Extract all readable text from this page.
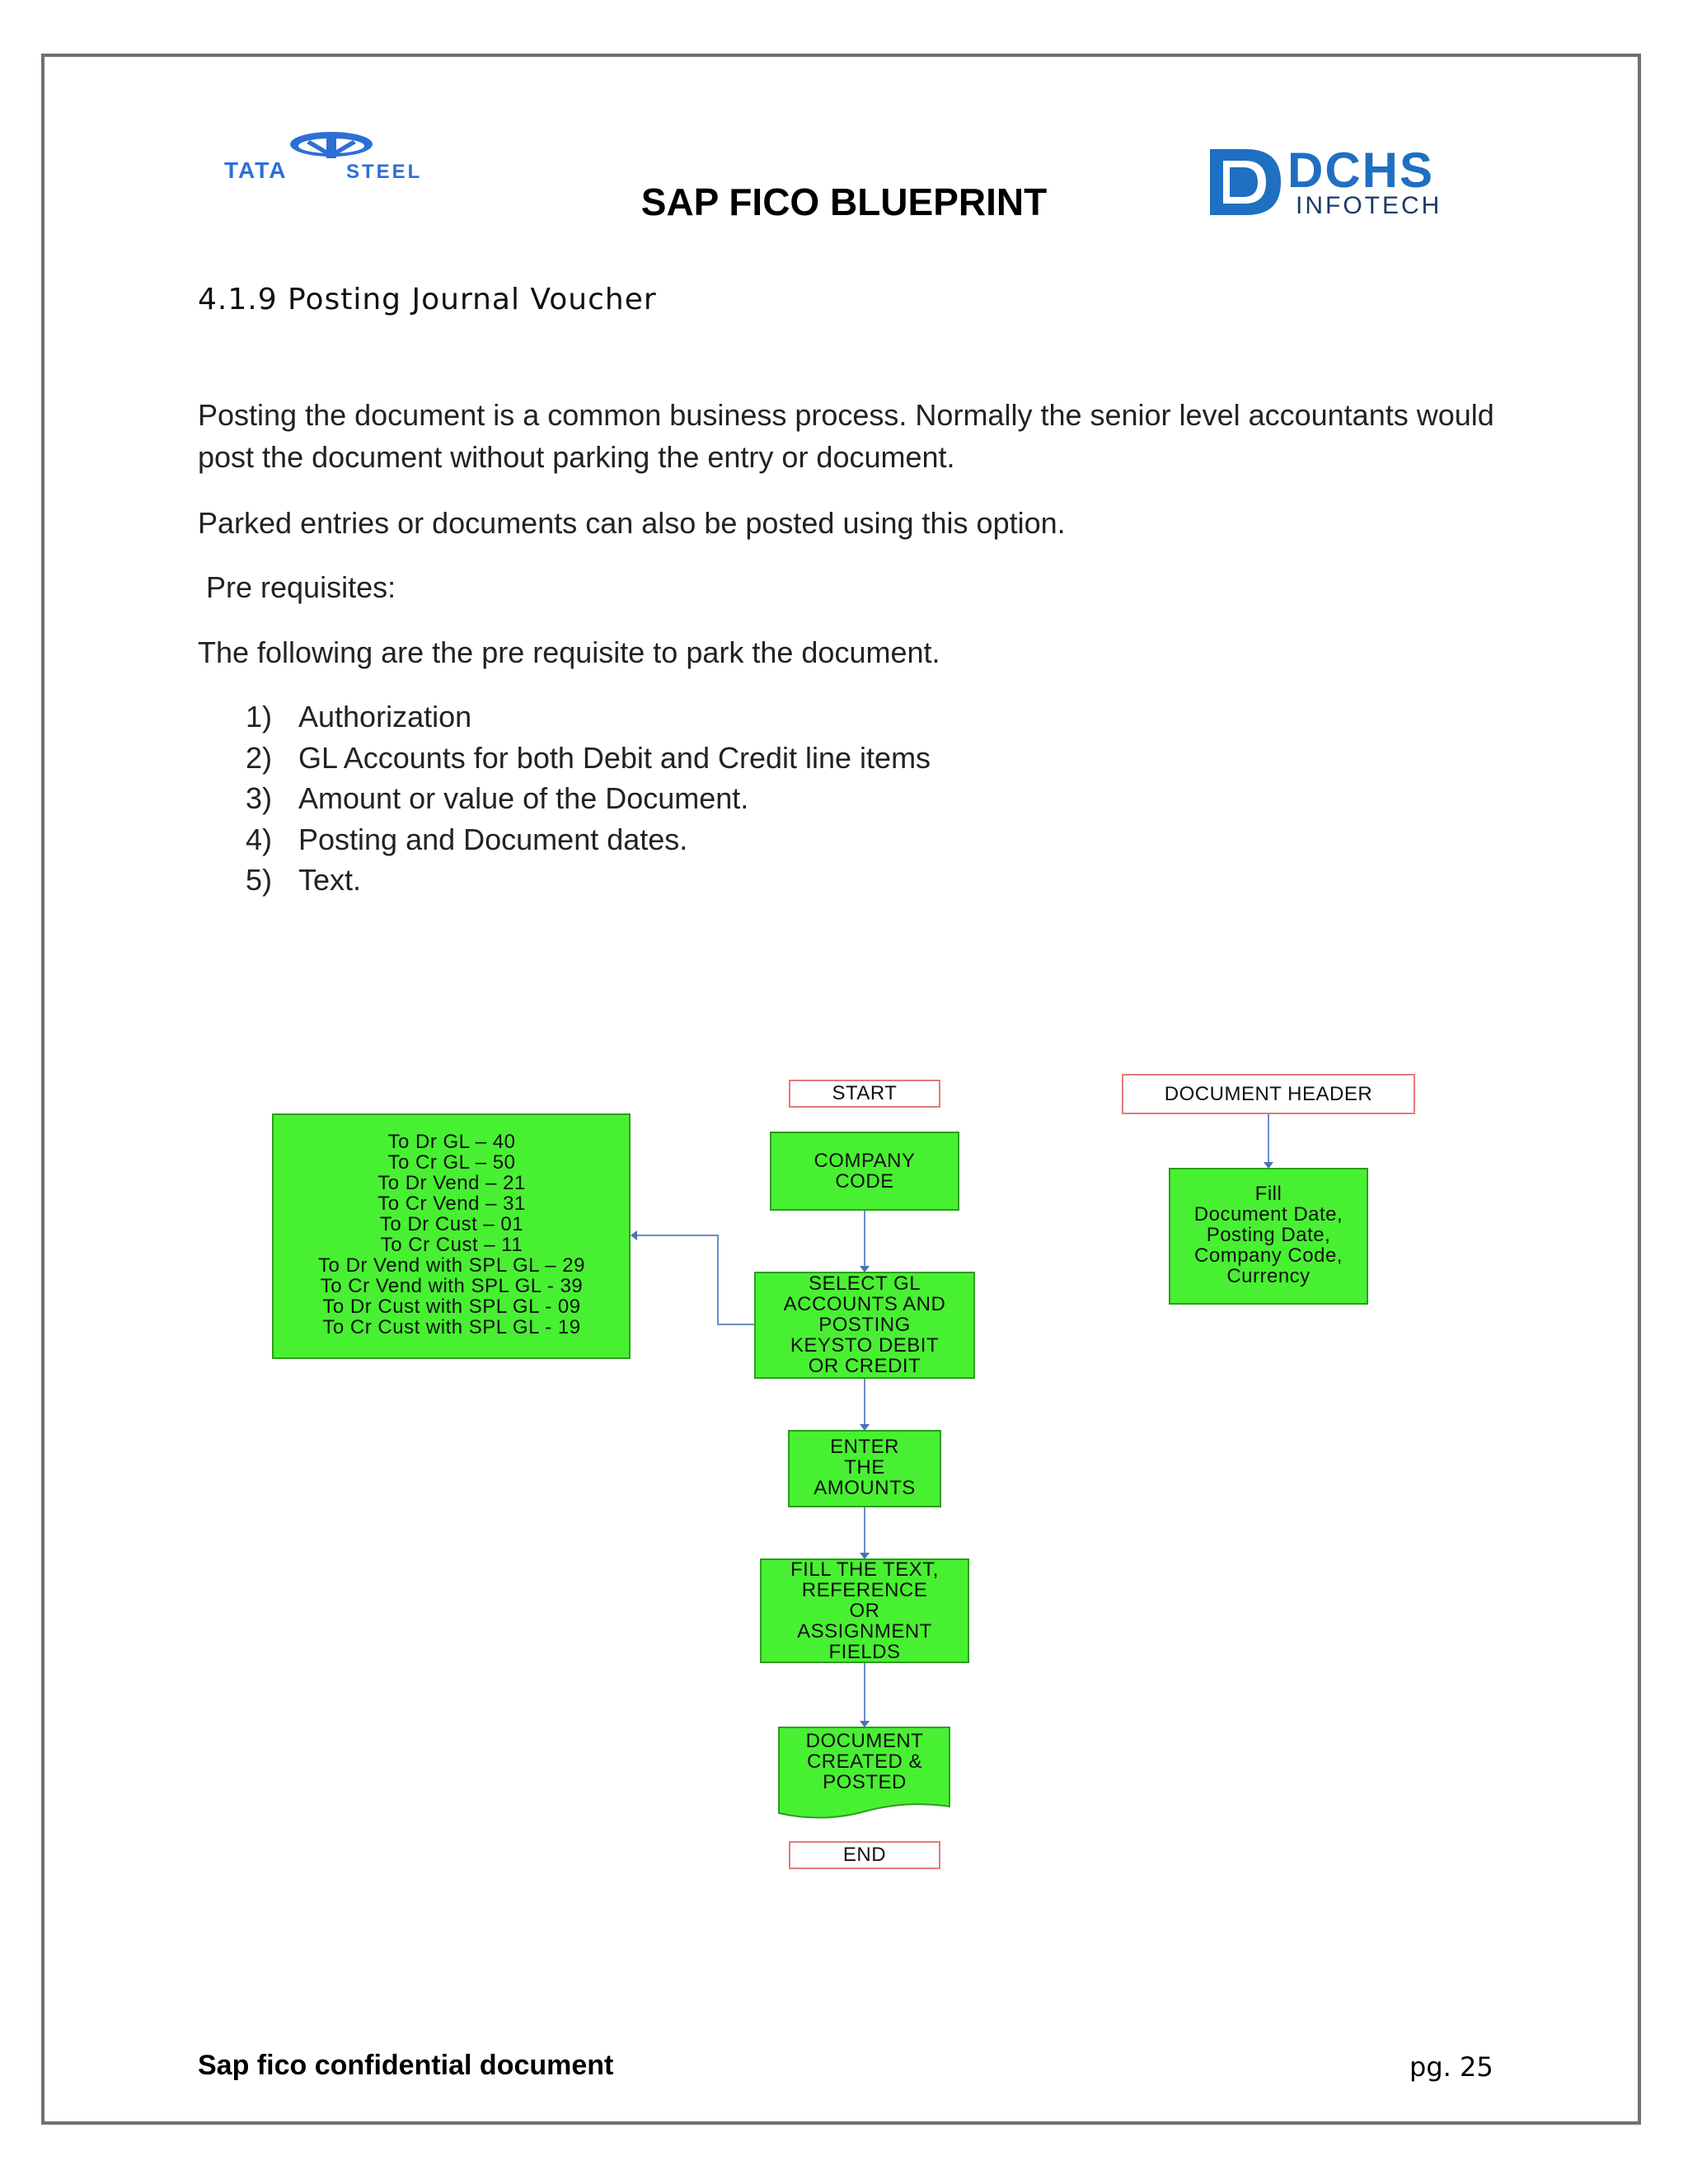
TATA	STEEL	DCHS
INFOTECH
SAP FICO BLUEPRINT
4.1.9 Posting Journal Voucher
Posting the document is a common business process. Normally the senior level accountants would post the document without parking the entry or document.
Parked entries or documents can also be posted using this option.
Pre requisites:
The following are the pre requisite to park the document.
1) Authorization
2) GL Accounts for both Debit and Credit line items
3) Amount or value of the Document.
4) Posting and Document dates.
5) Text.
START	DOCUMENT HEADER
Fill
Document Date,
Posting Date,
Company Code,
Currency
COMPANY
CODE
To Dr GL – 40
To Cr GL – 50
To Dr Vend – 21
To Cr Vend – 31
To Dr Cust – 01
To Cr Cust – 11
To Dr Vend with SPL GL – 29
To Cr Vend with SPL GL - 39
To Dr Cust with SPL GL - 09
To Cr Cust with SPL GL - 19
SELECT GL
ACCOUNTS AND
POSTING
KEYSTO DEBIT
OR CREDIT
ENTER
THE
AMOUNTS
FILL THE TEXT,
REFERENCE
OR
ASSIGNMENT
FIELDS
DOCUMENT
CREATED &
POSTED
END
Sap fico confidential document	pg. 25
